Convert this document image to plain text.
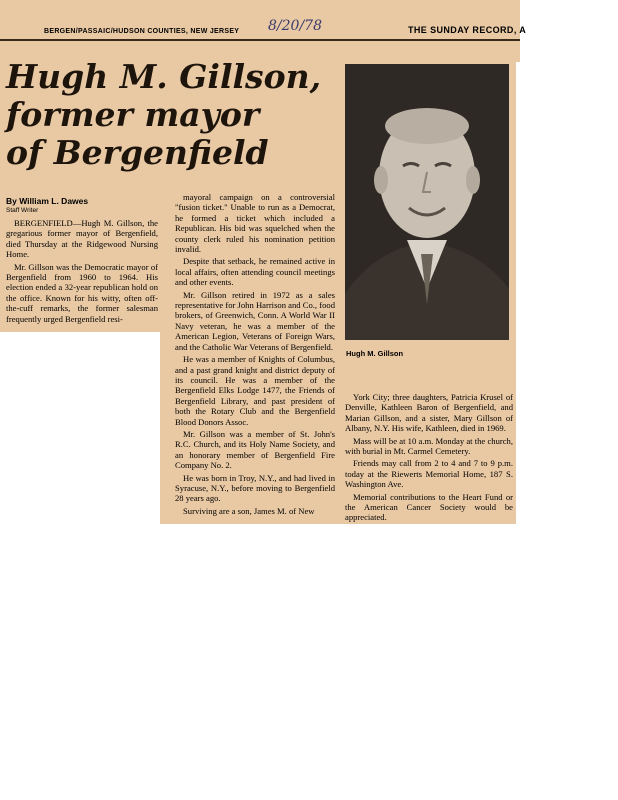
BERGEN/PASSAIC/HUDSON COUNTIES, NEW JERSEY 8/20/78	THE SUNDAY RECORD, A
Hugh M. Gillson,
former mayor
of Bergenfield
By William L. Dawes
Staff Writer

BERGENFIELD—Hugh M. Gillson, the gregarious former mayor of Bergenfield, died Thursday at the Ridgewood Nursing Home.

Mr. Gillson was the Democratic mayor of Bergenfield from 1960 to 1964. His election ended a 32-year republican hold on the office. Known for his witty, often off-the-cuff remarks, the former salesman frequently urged Bergenfield resi-

mayoral campaign on a controversial "fusion ticket." Unable to run as a Democrat, he formed a ticket which included a Republican. His bid was squelched when the county clerk ruled his nomination petition invalid.

Despite that setback, he remained active in local affairs, often attending council meetings and other events.

Mr. Gillson retired in 1972 as a sales representative for John Harrison and Co., food brokers, of Greenwich, Conn. A World War II Navy veteran, he was a member of the American Legion, Veterans of Foreign Wars, and the Catholic War Veterans of Bergenfield.

He was a member of Knights of Columbus, and a past grand knight and district deputy of its council. He was a member of the Bergenfield Elks Lodge 1477, the Friends of Bergenfield Library, and past president of both the Rotary Club and the Bergenfield Blood Donors Assoc.

Mr. Gillson was a member of St. John's R.C. Church, and its Holy Name Society, and an honorary member of Bergenfield Fire Company No. 2.

He was born in Troy, N.Y., and had lived in Syracuse, N.Y., before moving to Bergenfield 28 years ago.

Surviving are a son, James M. of New

Hugh M. Gillson

York City; three daughters, Patricia Krusel of Denville, Kathleen Baron of Bergenfield, and Marian Gillson, and a sister, Mary Gillson of Albany, N.Y. His wife, Kathleen, died in 1969.

Mass will be at 10 a.m. Monday at the church, with burial in Mt. Carmel Cemetery.

Friends may call from 2 to 4 and 7 to 9 p.m. today at the Riewerts Memorial Home, 187 S. Washington Ave.

Memorial contributions to the Heart Fund or the American Cancer Society would be appreciated.
